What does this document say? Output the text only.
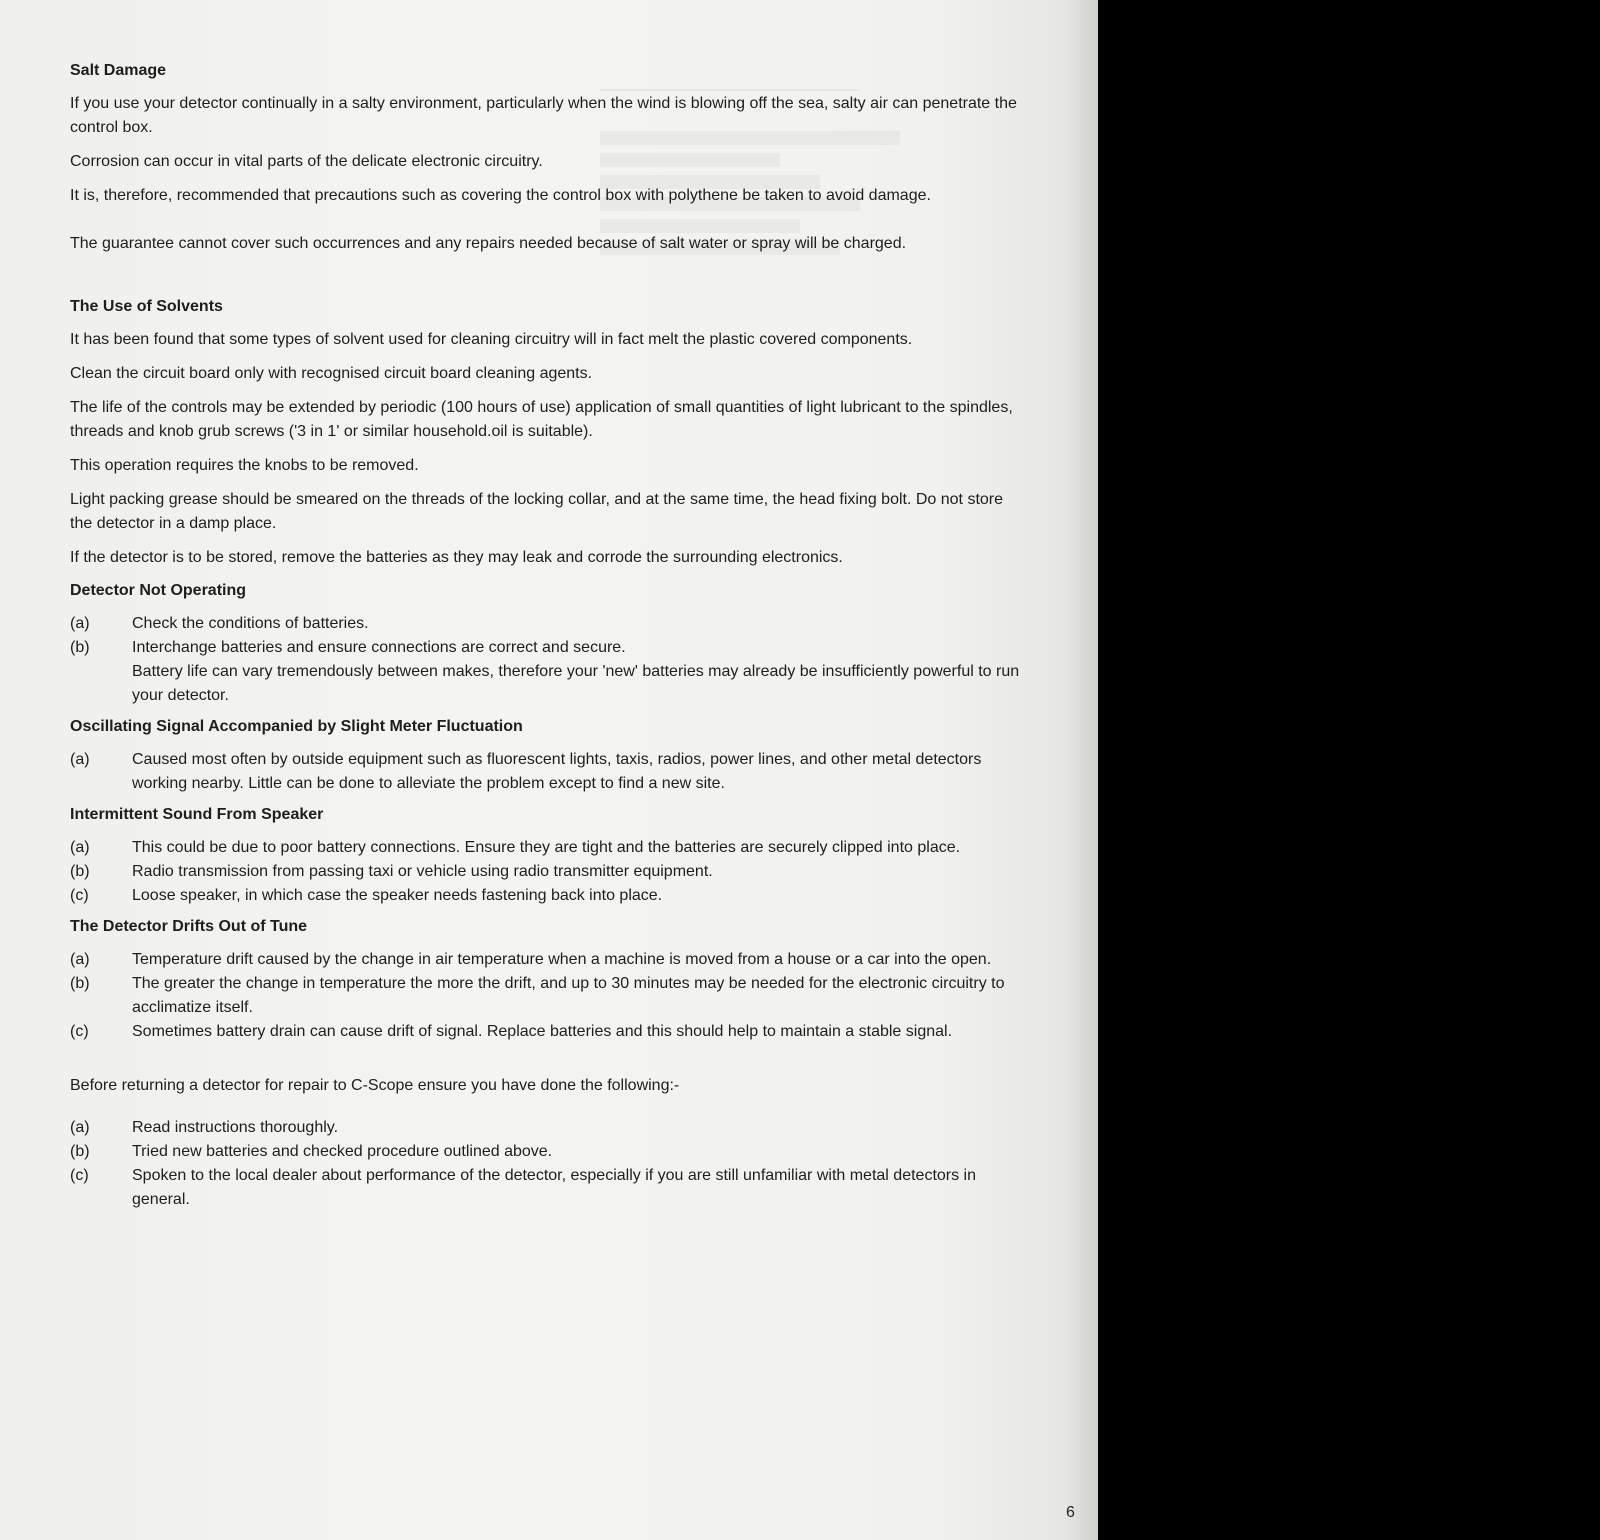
Salt Damage

If you use your detector continually in a salty environment, particularly when the wind is blowing off the sea, salty air can penetrate the control box.

Corrosion can occur in vital parts of the delicate electronic circuitry.

It is, therefore, recommended that precautions such as covering the control box with polythene be taken to avoid damage.

The guarantee cannot cover such occurrences and any repairs needed because of salt water or spray will be charged.

The Use of Solvents

It has been found that some types of solvent used for cleaning circuitry will in fact melt the plastic covered components.

Clean the circuit board only with recognised circuit board cleaning agents.

The life of the controls may be extended by periodic (100 hours of use) application of small quantities of light lubricant to the spindles, threads and knob grub screws ('3 in 1' or similar household.oil is suitable).

This operation requires the knobs to be removed.

Light packing grease should be smeared on the threads of the locking collar, and at the same time, the head fixing bolt. Do not store the detector in a damp place.

If the detector is to be stored, remove the batteries as they may leak and corrode the surrounding electronics.

Detector Not Operating
(a)	Check the conditions of batteries.
(b)	Interchange batteries and ensure connections are correct and secure.
Battery life can vary tremendously between makes, therefore your 'new' batteries may already be insufficiently powerful to run your detector.
Oscillating Signal Accompanied by Slight Meter Fluctuation
(a)	Caused most often by outside equipment such as fluorescent lights, taxis, radios, power lines, and other metal detectors working nearby. Little can be done to alleviate the problem except to find a new site.
Intermittent Sound From Speaker
(a)	This could be due to poor battery connections. Ensure they are tight and the batteries are securely clipped into place.
(b)	Radio transmission from passing taxi or vehicle using radio transmitter equipment.
(c)	Loose speaker, in which case the speaker needs fastening back into place.
The Detector Drifts Out of Tune
(a)	Temperature drift caused by the change in air temperature when a machine is moved from a house or a car into the open.
(b)	The greater the change in temperature the more the drift, and up to 30 minutes may be needed for the electronic circuitry to acclimatize itself.
(c)	Sometimes battery drain can cause drift of signal. Replace batteries and this should help to maintain a stable signal.

Before returning a detector for repair to C-Scope ensure you have done the following:-

(a)	Read instructions thoroughly.
(b)	Tried new batteries and checked procedure outlined above.
(c)	Spoken to the local dealer about performance of the detector, especially if you are still unfamiliar with metal detectors in general.
6
